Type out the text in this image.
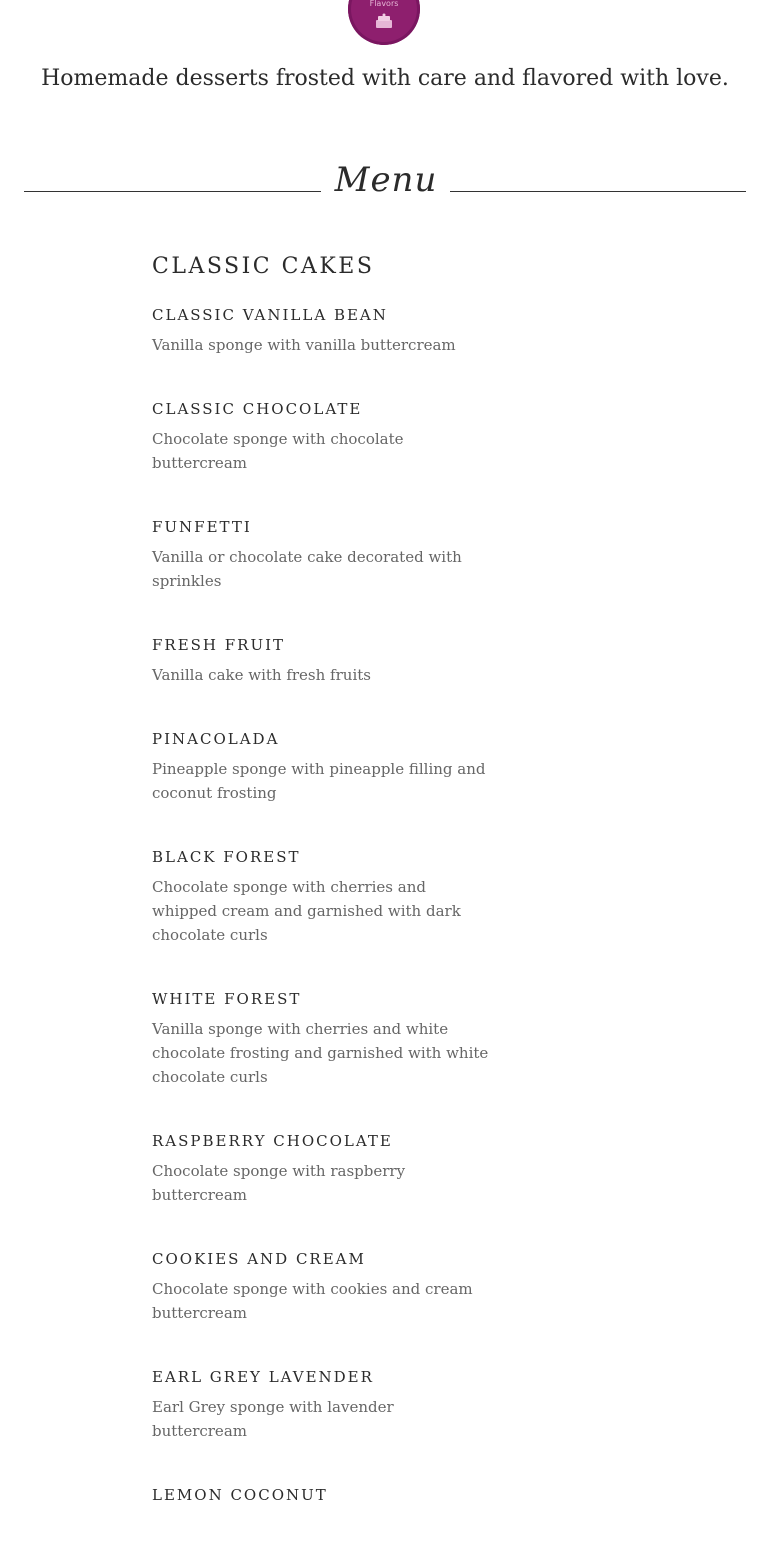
Flavors
Homemade desserts frosted with care and flavored with love.
Menu
CLASSIC CAKES
CLASSIC VANILLA BEAN
Vanilla sponge with vanilla buttercream
CLASSIC CHOCOLATE
Chocolate sponge with chocolate buttercream
FUNFETTI
Vanilla or chocolate cake decorated with sprinkles
FRESH FRUIT
Vanilla cake with fresh fruits
PINACOLADA
Pineapple sponge with pineapple filling and coconut frosting
BLACK FOREST
Chocolate sponge with cherries and whipped cream and garnished with dark chocolate curls
WHITE FOREST
Vanilla sponge with cherries and white chocolate frosting and garnished with white chocolate curls
RASPBERRY CHOCOLATE
Chocolate sponge with raspberry buttercream
COOKIES AND CREAM
Chocolate sponge with cookies and cream buttercream
EARL GREY LAVENDER
Earl Grey sponge with lavender buttercream
LEMON COCONUT
